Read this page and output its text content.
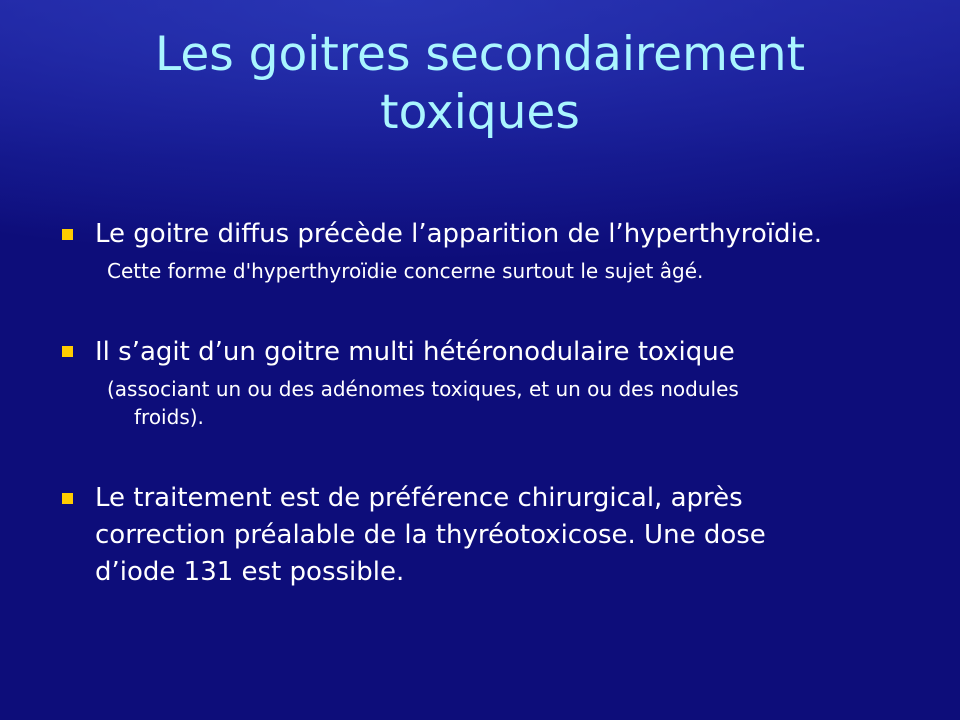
Les goitres secondairement
toxiques
Le goitre diffus précède l’apparition de l’hyperthyroïdie.
Cette forme d'hyperthyroïdie concerne surtout le sujet âgé.
Il s’agit d’un goitre multi hétéronodulaire toxique
(associant un ou des adénomes toxiques, et un ou des nodules
froids).
Le traitement est de préférence chirurgical, après
correction préalable de la thyréotoxicose. Une dose
d’iode 131 est possible.
